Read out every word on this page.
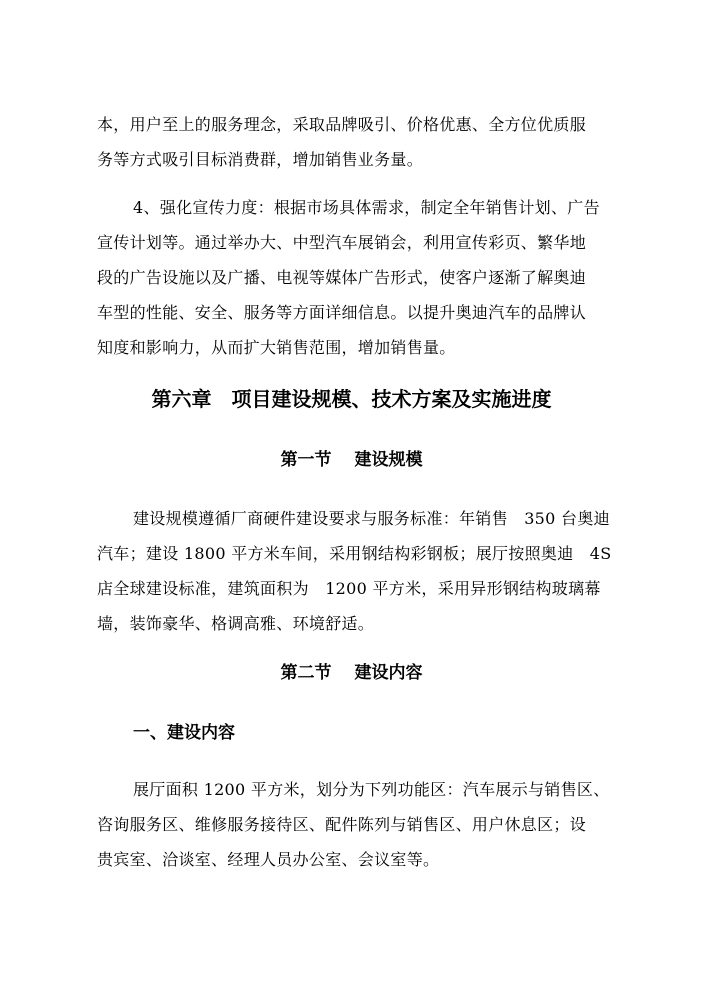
本，用户至上的服务理念，采取品牌吸引、价格优惠、全方位优质服
务等方式吸引目标消费群，增加销售业务量。
4、强化宣传力度：根据市场具体需求，制定全年销售计划、广告
宣传计划等。通过举办大、中型汽车展销会，利用宣传彩页、繁华地
段的广告设施以及广播、电视等媒体广告形式，使客户逐渐了解奥迪
车型的性能、安全、服务等方面详细信息。以提升奥迪汽车的品牌认
知度和影响力，从而扩大销售范围，增加销售量。
第六章　项目建设规模、技术方案及实施进度
第一节　 建设规模
建设规模遵循厂商硬件建设要求与服务标准：年销售　350 台奥迪
汽车；建设 1800 平方米车间，采用钢结构彩钢板；展厅按照奥迪　4S
店全球建设标准，建筑面积为　1200 平方米，采用异形钢结构玻璃幕
墙，装饰豪华、格调高雅、环境舒适。
第二节　 建设内容
一、建设内容
展厅面积 1200 平方米，划分为下列功能区：汽车展示与销售区、
咨询服务区、维修服务接待区、配件陈列与销售区、用户休息区；设
贵宾室、洽谈室、经理人员办公室、会议室等。
